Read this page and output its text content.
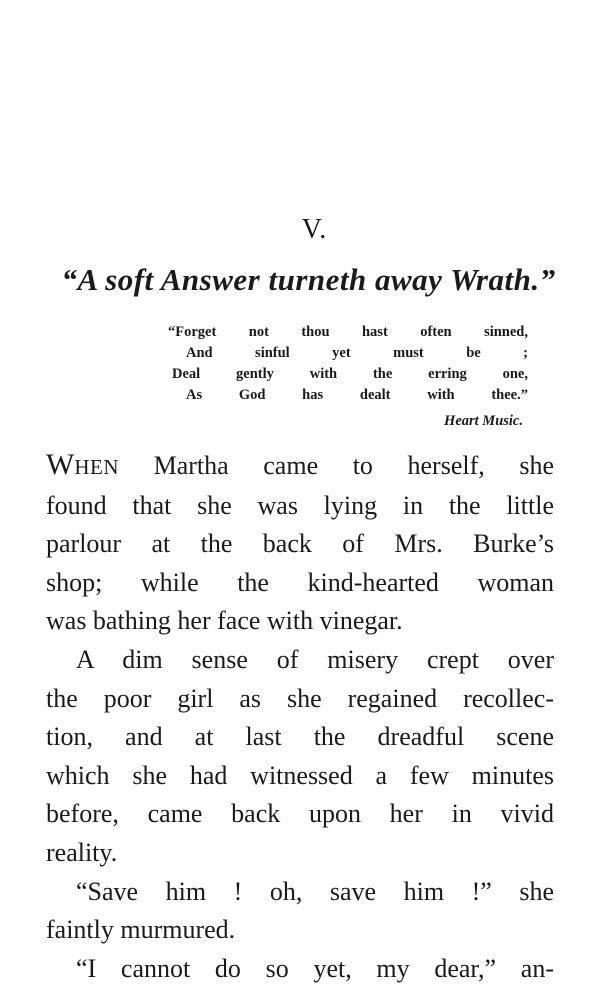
V.
“A soft Answer turneth away Wrath.”
“Forget not thou hast often sinned,
And sinful yet must be ;
Deal gently with the erring one,
As God has dealt with thee.”
Heart Music.
WHEN Martha came to herself, she
found that she was lying in the little
parlour at the back of Mrs. Burke’s
shop; while the kind-hearted woman
was bathing her face with vinegar.
A dim sense of misery crept over
the poor girl as she regained recollec-
tion, and at last the dreadful scene
which she had witnessed a few minutes
before, came back upon her in vivid
reality.
“Save him ! oh, save him !” she
faintly murmured.
“I cannot do so yet, my dear,” an-
